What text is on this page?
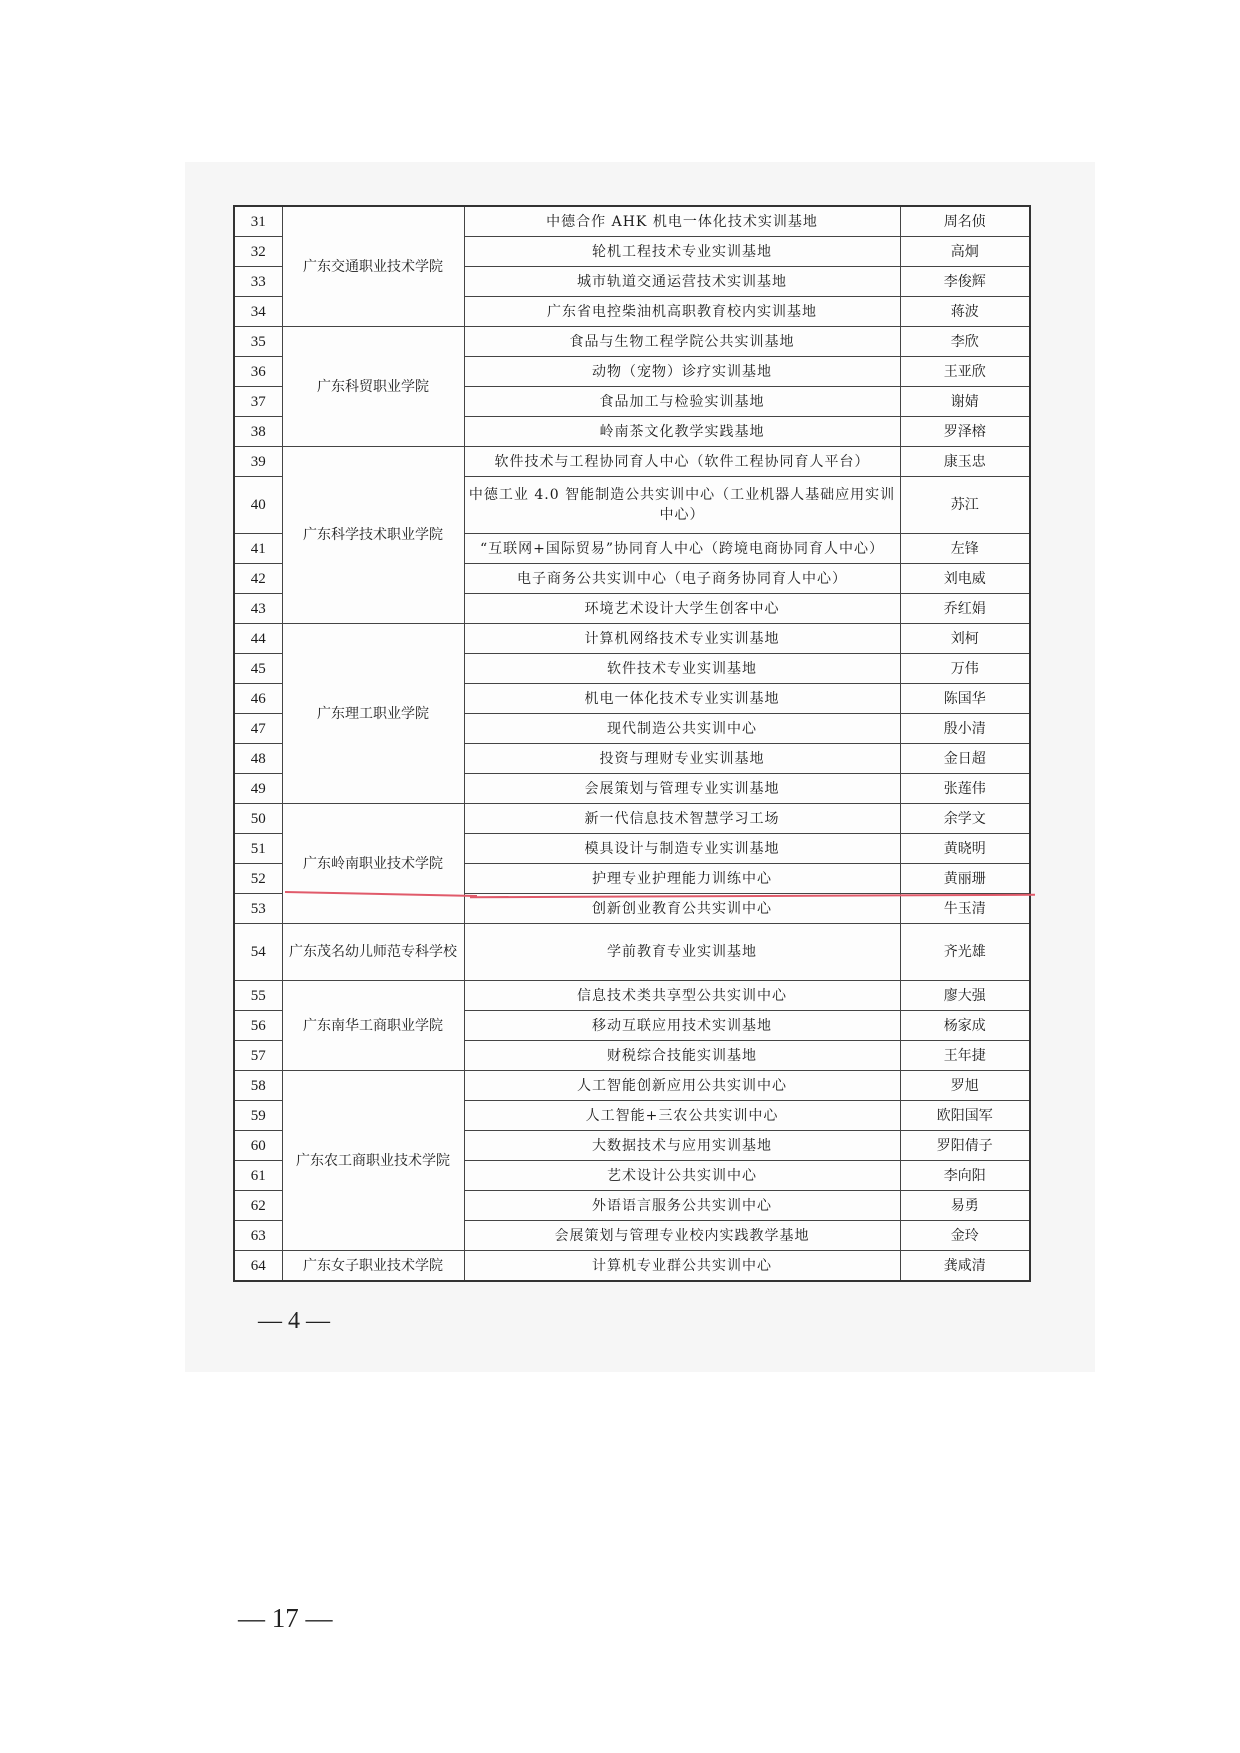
31	广东交通职业技术学院	中德合作 AHK 机电一体化技术实训基地	周名侦
32		轮机工程技术专业实训基地	高炯
33		城市轨道交通运营技术实训基地	李俊辉
34		广东省电控柴油机高职教育校内实训基地	蒋波
35	广东科贸职业学院	食品与生物工程学院公共实训基地	李欣
36		动物（宠物）诊疗实训基地	王亚欣
37		食品加工与检验实训基地	谢婧
38		岭南茶文化教学实践基地	罗泽榕
39	广东科学技术职业学院	软件技术与工程协同育人中心（软件工程协同育人平台）	康玉忠
40		中德工业 4.0 智能制造公共实训中心（工业机器人基础应用实训中心）	苏江
41		“互联网+国际贸易”协同育人中心（跨境电商协同育人中心）	左锋
42		电子商务公共实训中心（电子商务协同育人中心）	刘电威
43		环境艺术设计大学生创客中心	乔红娟
44	广东理工职业学院	计算机网络技术专业实训基地	刘柯
45		软件技术专业实训基地	万伟
46		机电一体化技术专业实训基地	陈国华
47		现代制造公共实训中心	殷小清
48		投资与理财专业实训基地	金日超
49		会展策划与管理专业实训基地	张莲伟
50	广东岭南职业技术学院	新一代信息技术智慧学习工场	余学文
51		模具设计与制造专业实训基地	黄晓明
52		护理专业护理能力训练中心	黄丽珊
53		创新创业教育公共实训中心	牛玉清
54	广东茂名幼儿师范专科学校	学前教育专业实训基地	齐光雄
55	广东南华工商职业学院	信息技术类共享型公共实训中心	廖大强
56		移动互联应用技术实训基地	杨家成
57		财税综合技能实训基地	王年捷
58	广东农工商职业技术学院	人工智能创新应用公共实训中心	罗旭
59		人工智能+三农公共实训中心	欧阳国军
60		大数据技术与应用实训基地	罗阳倩子
61		艺术设计公共实训中心	李向阳
62		外语语言服务公共实训中心	易勇
63		会展策划与管理专业校内实践教学基地	金玲
64	广东女子职业技术学院	计算机专业群公共实训中心	龚咸清
— 4 —
— 17 —
